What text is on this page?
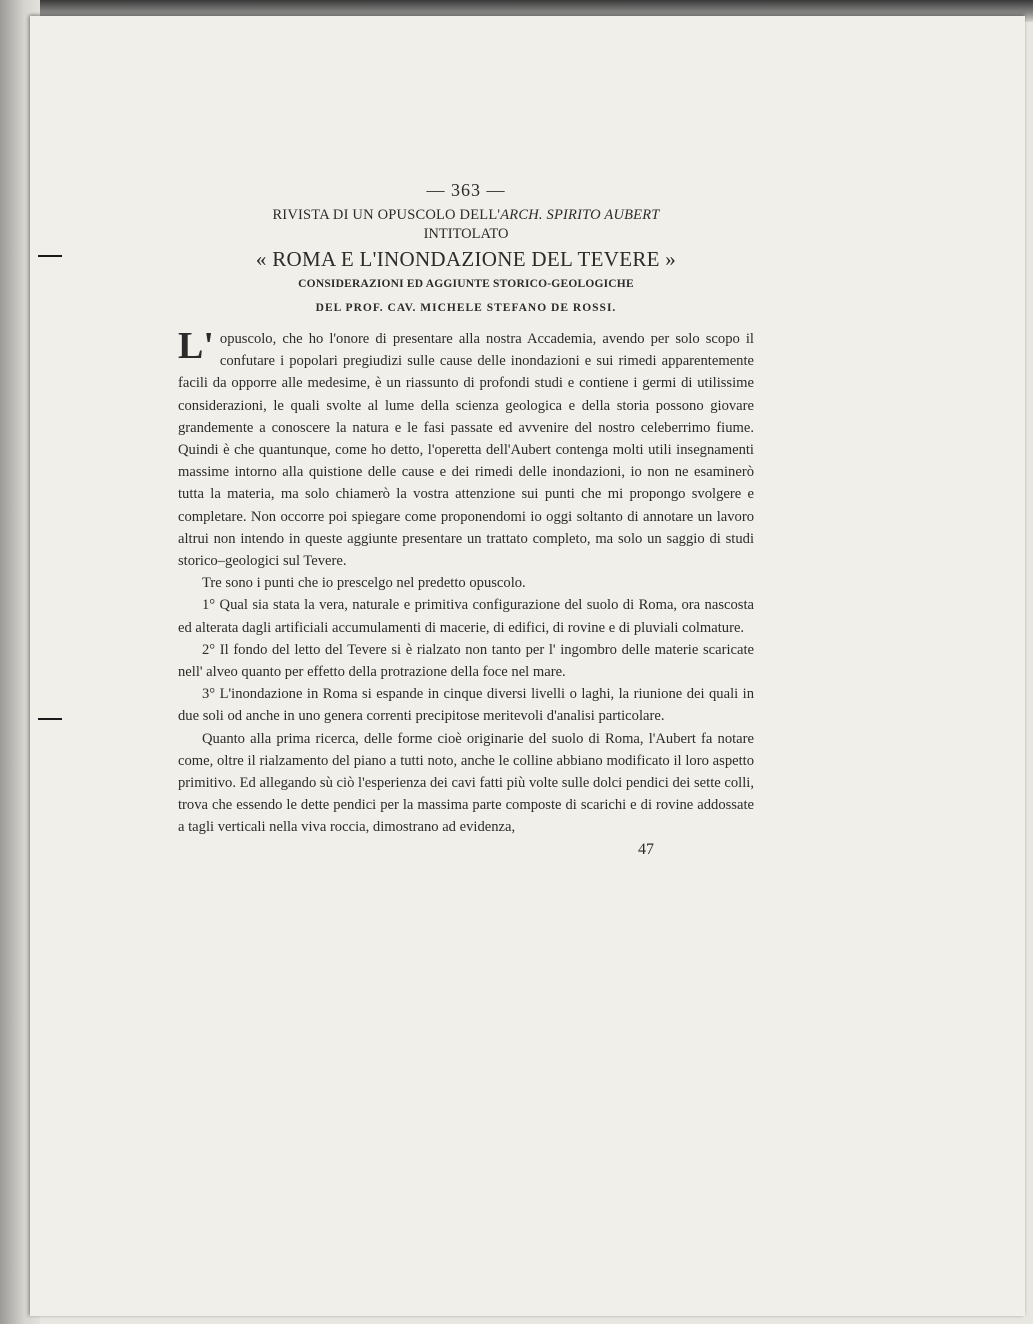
— 363 —
RIVISTA DI UN OPUSCOLO DELL'ARCH. SPIRITO AUBERT
INTITOLATO
« ROMA E L'INONDAZIONE DEL TEVERE »
CONSIDERAZIONI ED AGGIUNTE STORICO-GEOLOGICHE
DEL PROF. CAV. MICHELE STEFANO DE ROSSI.

L' opuscolo, che ho l'onore di presentare alla nostra Accademia, avendo per solo scopo il confutare i popolari pregiudizi sulle cause delle inondazioni e sui rimedi apparentemente facili da opporre alle medesime, è un riassunto di profondi studi e contiene i germi di utilissime considerazioni, le quali svolte al lume della scienza geologica e della storia possono giovare grandemente a conoscere la natura e le fasi passate ed avvenire del nostro celeberrimo fiume. Quindi è che quantunque, come ho detto, l'operetta dell'Aubert contenga molti utili insegnamenti massime intorno alla quistione delle cause e dei rimedi delle inondazioni, io non ne esaminerò tutta la materia, ma solo chiamerò la vostra attenzione sui punti che mi propongo svolgere e completare. Non occorre poi spiegare come proponendomi io oggi soltanto di annotare un lavoro altrui non intendo in queste aggiunte presentare un trattato completo, ma solo un saggio di studi storico–geologici sul Tevere.

Tre sono i punti che io prescelgo nel predetto opuscolo.

1° Qual sia stata la vera, naturale e primitiva configurazione del suolo di Roma, ora nascosta ed alterata dagli artificiali accumulamenti di macerie, di edifici, di rovine e di pluviali colmature.

2° Il fondo del letto del Tevere si è rialzato non tanto per l' ingombro delle materie scaricate nell' alveo quanto per effetto della protrazione della foce nel mare.

3° L'inondazione in Roma si espande in cinque diversi livelli o laghi, la riunione dei quali in due soli od anche in uno genera correnti precipitose meritevoli d'analisi particolare.

Quanto alla prima ricerca, delle forme cioè originarie del suolo di Roma, l'Aubert fa notare come, oltre il rialzamento del piano a tutti noto, anche le colline abbiano modificato il loro aspetto primitivo. Ed allegando sù ciò l'esperienza dei cavi fatti più volte sulle dolci pendici dei sette colli, trova che essendo le dette pendici per la massima parte composte di scarichi e di rovine addossate a tagli verticali nella viva roccia, dimostrano ad evidenza,

47
